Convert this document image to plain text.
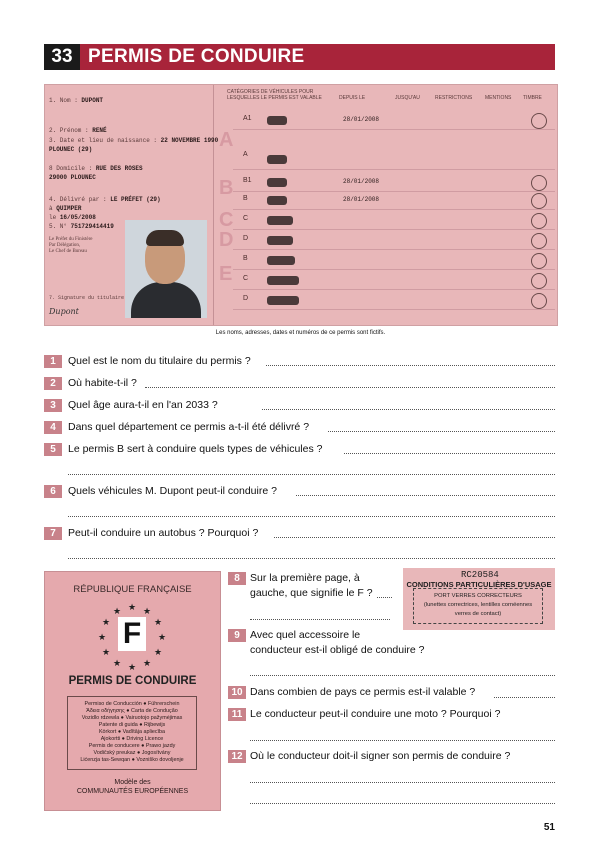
33 PERMIS DE CONDUIRE
1. Nom : DUPONT
2. Prénom : RENÉ
3. Date et lieu de naissance : 22 NOVEMBRE 1990
PLOUNEC (29)
8 Domicile : RUE DES ROSES
29000 PLOUNEC
4. Délivré par : LE PRÉFET (29)
à QUIMPER
le 16/05/2008
5. N° 751729414419
Le Préfet du Finistère
Par Délégation,
Le Chef de Bureau
7. Signature du titulaire
Dupont
CATÉGORIES DE VÉHICULES POUR
LESQUELLES LE PERMIS EST VALABLE	DEPUIS LE	JUSQU'AU	RESTRICTIONS	MENTIONS TIMBRE
A
B
C
D
E
A1	28/01/2008
A
B1	28/01/2008
B	28/01/2008
C
D
B
C
D
Les noms, adresses, dates et numéros de ce permis sont fictifs.
1	Quel est le nom du titulaire du permis ?
2	Où habite-t-il ?
3	Quel âge aura-t-il en l'an 2033 ?
4	Dans quel département ce permis a-t-il été délivré ?
5	Le permis B sert à conduire quels types de véhicules ?
6	Quels véhicules M. Dupont peut-il conduire ?
7	Peut-il conduire un autobus ? Pourquoi ?
RÉPUBLIQUE FRANÇAISE
★ ★
★
★
★
★
★
★
★
★
★
★
F
PERMIS DE CONDUIRE
Permiso de Conducción ● Führerschein
Άδεια οδήγησης ● Carta de Condução
Vozidlo rdzewla ● Vairuotojo pažymėjimas
Patente di guida ● Rijbewijs
Körkort ● Vadītāja apliecība
Ajokortti ● Driving Licence
Permis de conducere ● Prawo jazdy
Vodičský preukaz ● Jogosítvány
Lićenzja tas-Sewqan ● Vozniško dovoljenje
Modèle des
COMMUNAUTÉS EUROPÉENNES
RC20584
CONDITIONS PARTICULIÈRES D'USAGE
PORT VERRES CORRECTEURS
(lunettes correctrices, lentilles cornéennes
verres de contact)
8 Sur la première page, à
gauche, que signifie le F ?
9 Avec quel accessoire le
conducteur est-il obligé de conduire ?
10 Dans combien de pays ce permis est-il valable ?
11 Le conducteur peut-il conduire une moto ? Pourquoi ?
12 Où le conducteur doit-il signer son permis de conduire ?
51
